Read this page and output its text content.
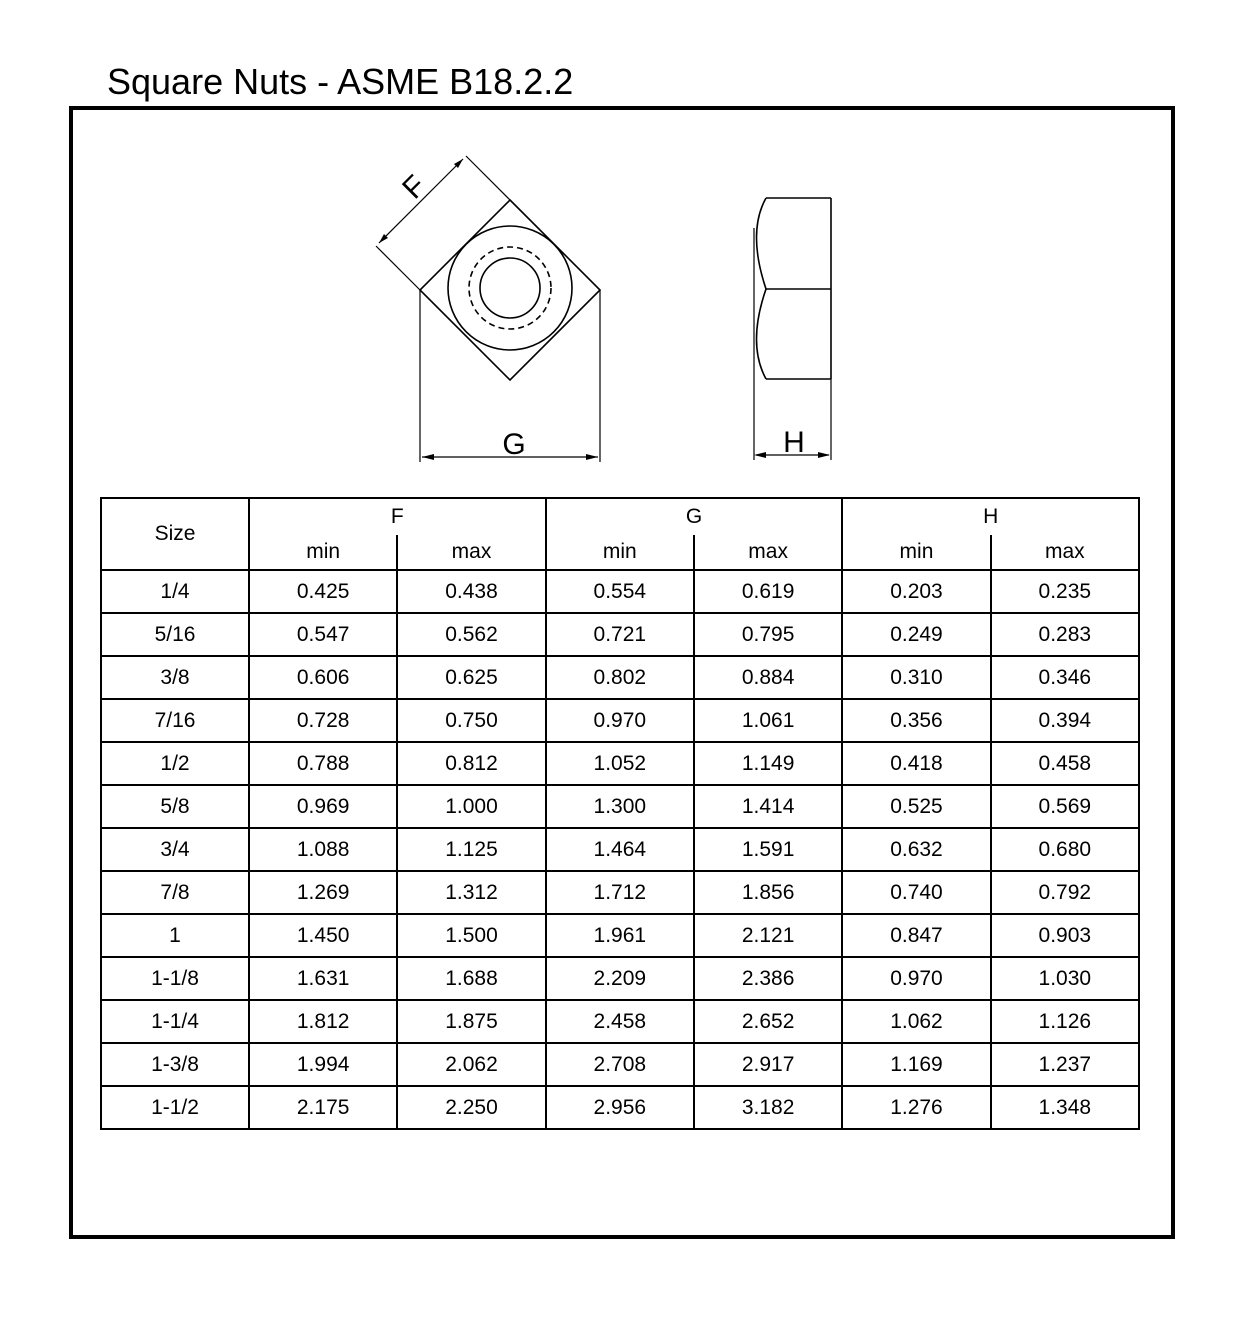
Square Nuts - ASME B18.2.2
F
G	H
Size	F		G		H	
	min	max	min	max	min	max
1/4	0.425	0.438	0.554	0.619	0.203	0.235
5/16	0.547	0.562	0.721	0.795	0.249	0.283
3/8	0.606	0.625	0.802	0.884	0.310	0.346
7/16	0.728	0.750	0.970	1.061	0.356	0.394
1/2	0.788	0.812	1.052	1.149	0.418	0.458
5/8	0.969	1.000	1.300	1.414	0.525	0.569
3/4	1.088	1.125	1.464	1.591	0.632	0.680
7/8	1.269	1.312	1.712	1.856	0.740	0.792
1	1.450	1.500	1.961	2.121	0.847	0.903
1-1/8	1.631	1.688	2.209	2.386	0.970	1.030
1-1/4	1.812	1.875	2.458	2.652	1.062	1.126
1-3/8	1.994	2.062	2.708	2.917	1.169	1.237
1-1/2	2.175	2.250	2.956	3.182	1.276	1.348
